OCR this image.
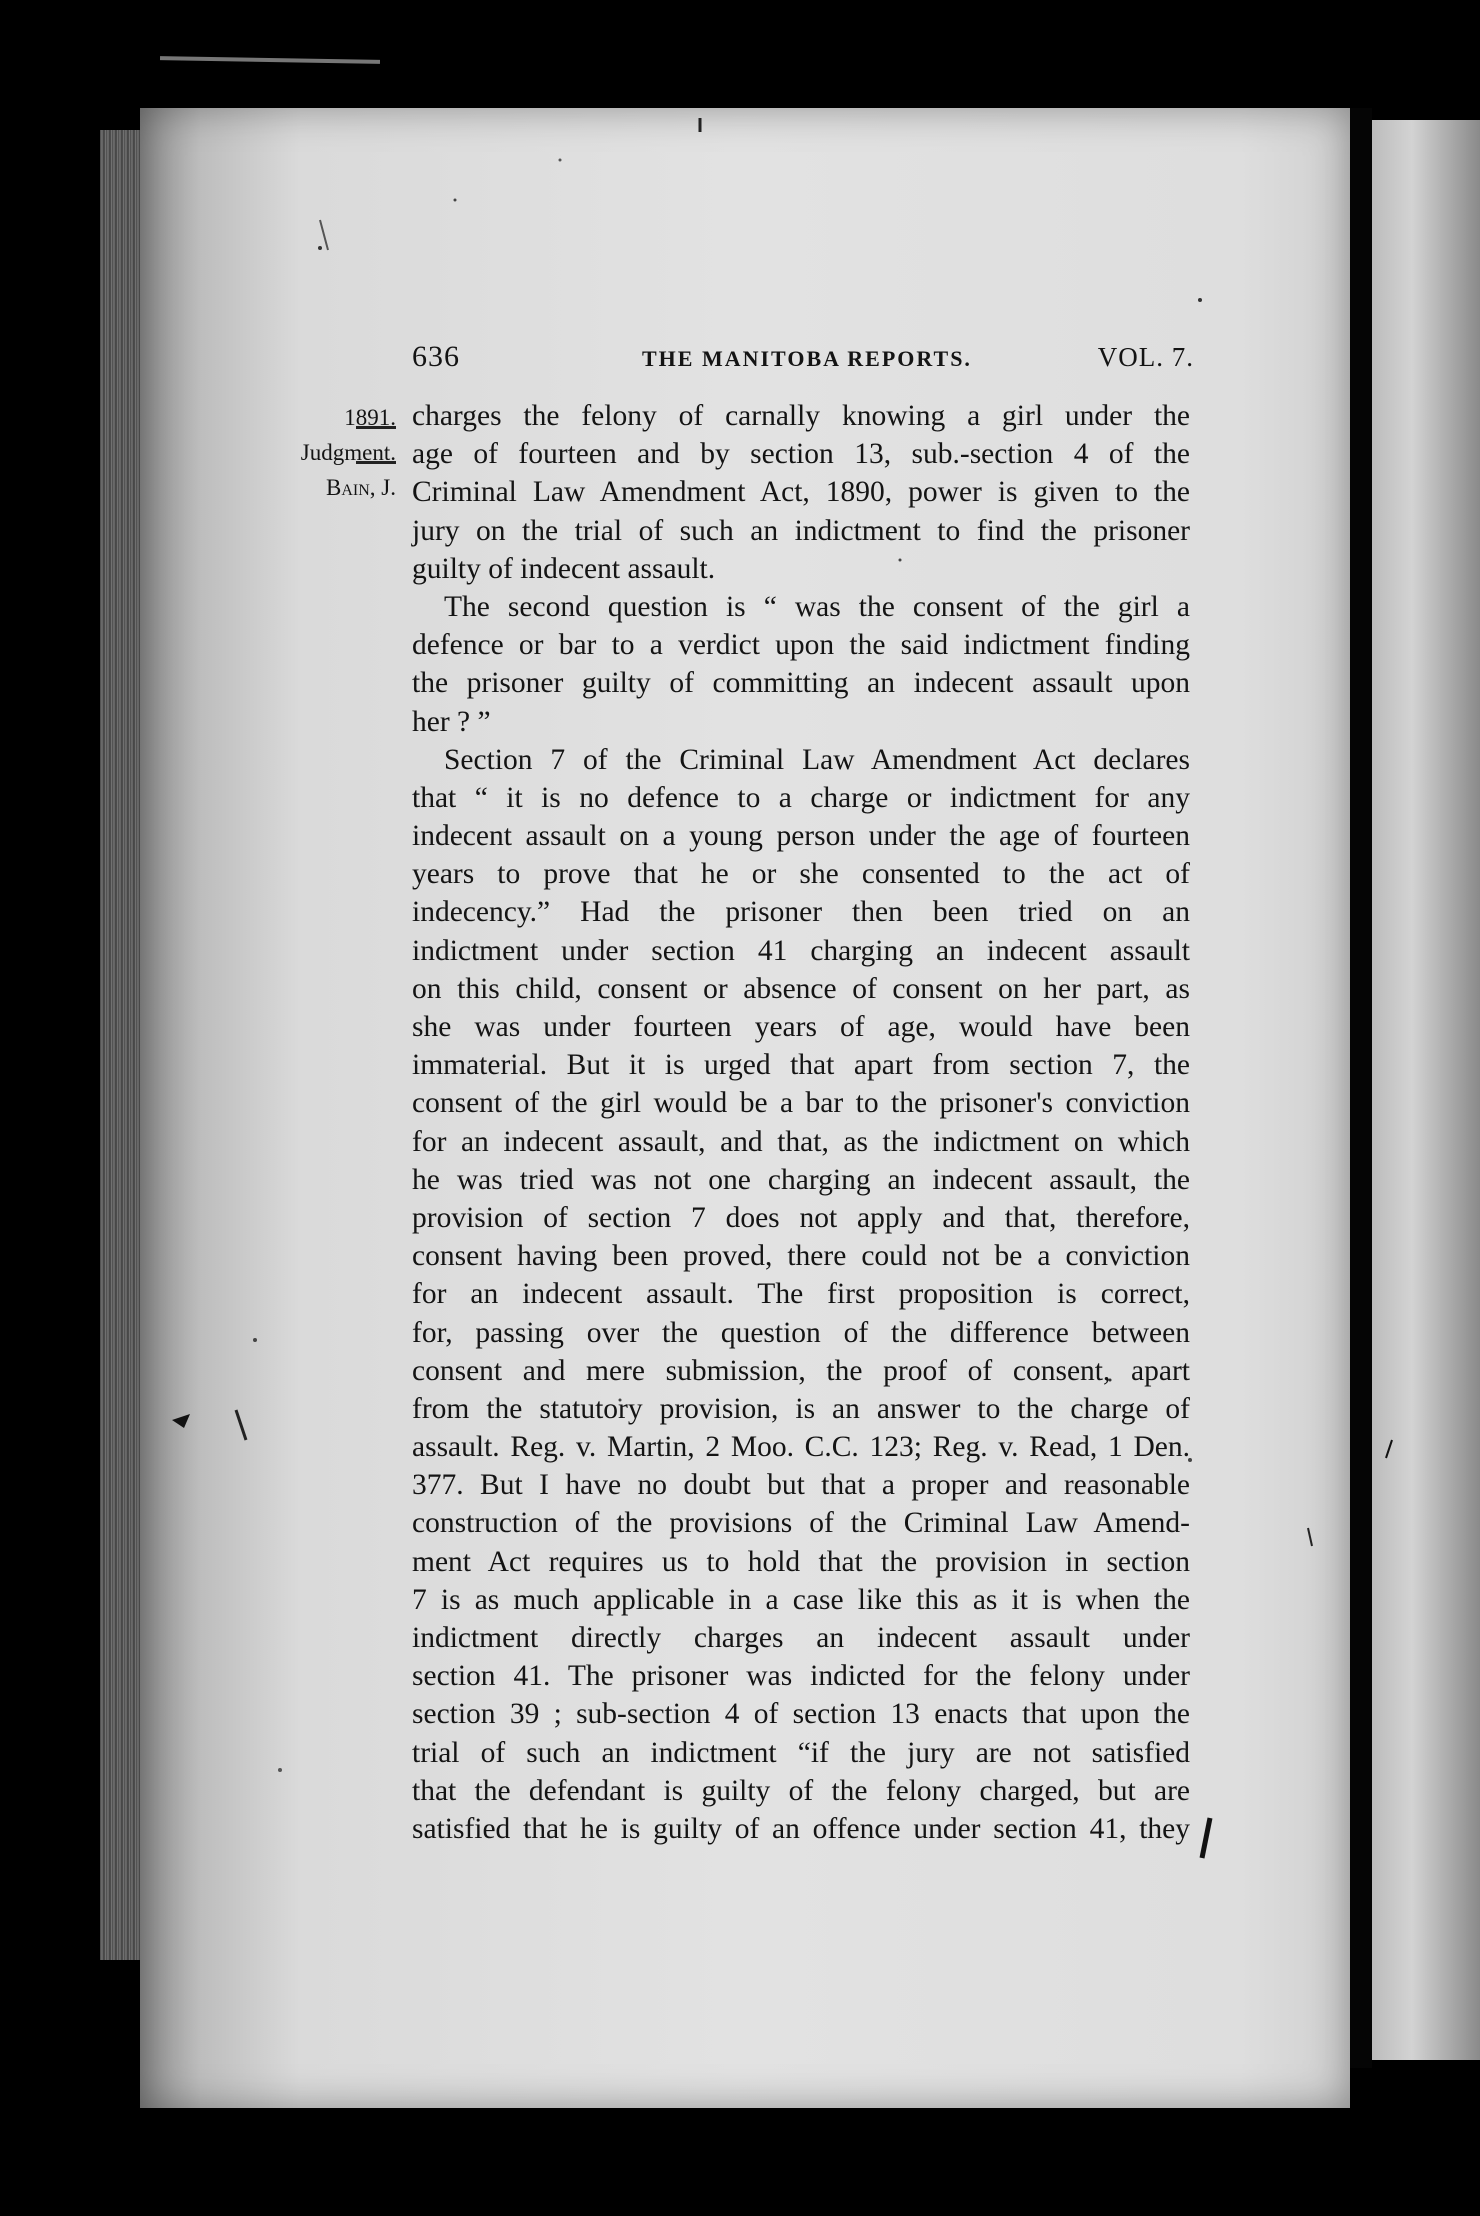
636	THE MANITOBA REPORTS.	VOL. 7.
1891.
Judgment.
Bain, J.
charges the felony of carnally knowing a girl under the
age of fourteen and by section 13, sub.-section 4 of the
Criminal Law Amendment Act, 1890, power is given to the
jury on the trial of such an indictment to find the prisoner
guilty of indecent assault.
The second question is “ was the consent of the girl a
defence or bar to a verdict upon the said indictment finding
the prisoner guilty of committing an indecent assault upon
her ? ”
Section 7 of the Criminal Law Amendment Act declares
that “ it is no defence to a charge or indictment for any
indecent assault on a young person under the age of fourteen
years to prove that he or she consented to the act of
indecency.” Had the prisoner then been tried on an
indictment under section 41 charging an indecent assault
on this child, consent or absence of consent on her part, as
she was under fourteen years of age, would have been
immaterial. But it is urged that apart from section 7, the
consent of the girl would be a bar to the prisoner's conviction
for an indecent assault, and that, as the indictment on which
he was tried was not one charging an indecent assault, the
provision of section 7 does not apply and that, therefore,
consent having been proved, there could not be a conviction
for an indecent assault. The first proposition is correct,
for, passing over the question of the difference between
consent and mere submission, the proof of consent, apart
from the statutory provision, is an answer to the charge of
assault. Reg. v. Martin, 2 Moo. C.C. 123; Reg. v. Read, 1 Den.
377. But I have no doubt but that a proper and reasonable
construction of the provisions of the Criminal Law Amend-
ment Act requires us to hold that the provision in section
7 is as much applicable in a case like this as it is when the
indictment directly charges an indecent assault under
section 41. The prisoner was indicted for the felony under
section 39 ; sub-section 4 of section 13 enacts that upon the
trial of such an indictment “if the jury are not satisfied
that the defendant is guilty of the felony charged, but are
satisfied that he is guilty of an offence under section 41, they
